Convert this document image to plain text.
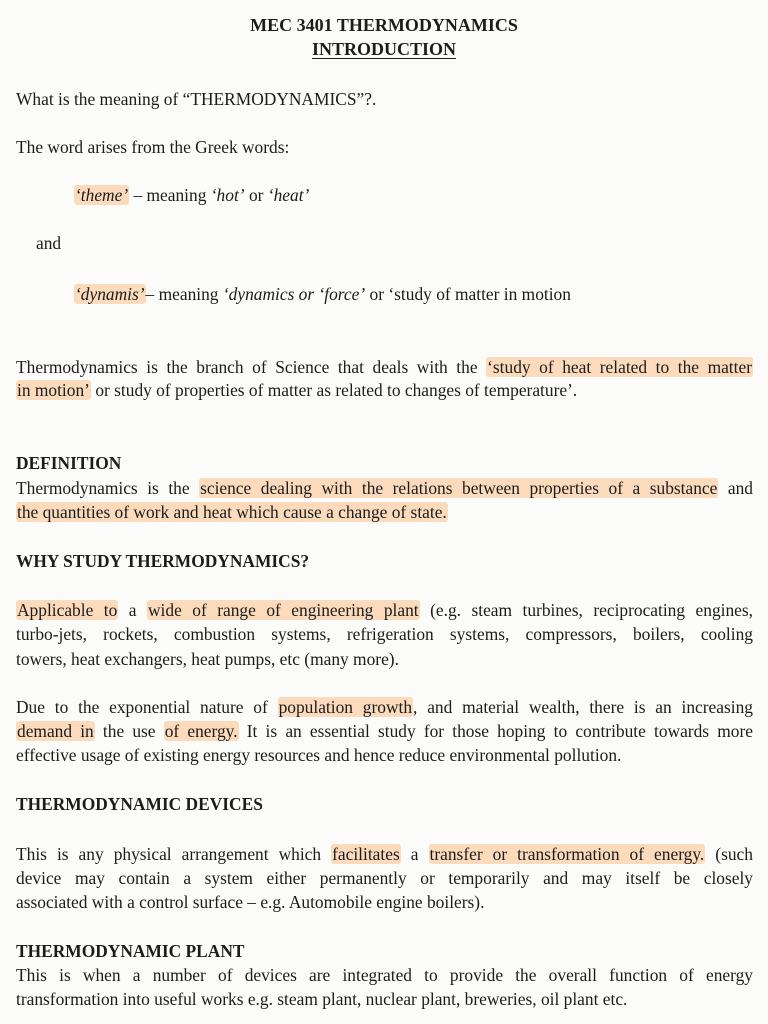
MEC 3401 THERMODYNAMICS

INTRODUCTION

What is the meaning of “THERMODYNAMICS”?.

The word arises from the Greek words:

‘theme’ – meaning ‘hot’ or ‘heat’

and

‘dynamis’– meaning ‘dynamics or ‘force’ or ‘study of matter in motion

Thermodynamics is the branch of Science that deals with the ‘study of heat related to the matter

in motion’ or study of properties of matter as related to changes of temperature’.

DEFINITION

Thermodynamics is the science dealing with the relations between properties of a substance and

the quantities of work and heat which cause a change of state.

WHY STUDY THERMODYNAMICS?

Applicable to a wide of range of engineering plant (e.g. steam turbines, reciprocating engines,

turbo-jets, rockets, combustion systems, refrigeration systems, compressors, boilers, cooling

towers, heat exchangers, heat pumps, etc (many more).

Due to the exponential nature of population growth, and material wealth, there is an increasing

demand in the use of energy. It is an essential study for those hoping to contribute towards more

effective usage of existing energy resources and hence reduce environmental pollution.

THERMODYNAMIC DEVICES

This is any physical arrangement which facilitates a transfer or transformation of energy. (such

device may contain a system either permanently or temporarily and may itself be closely

associated with a control surface – e.g. Automobile engine boilers).

THERMODYNAMIC PLANT

This is when a number of devices are integrated to provide the overall function of energy

transformation into useful works e.g. steam plant, nuclear plant, breweries, oil plant etc.
